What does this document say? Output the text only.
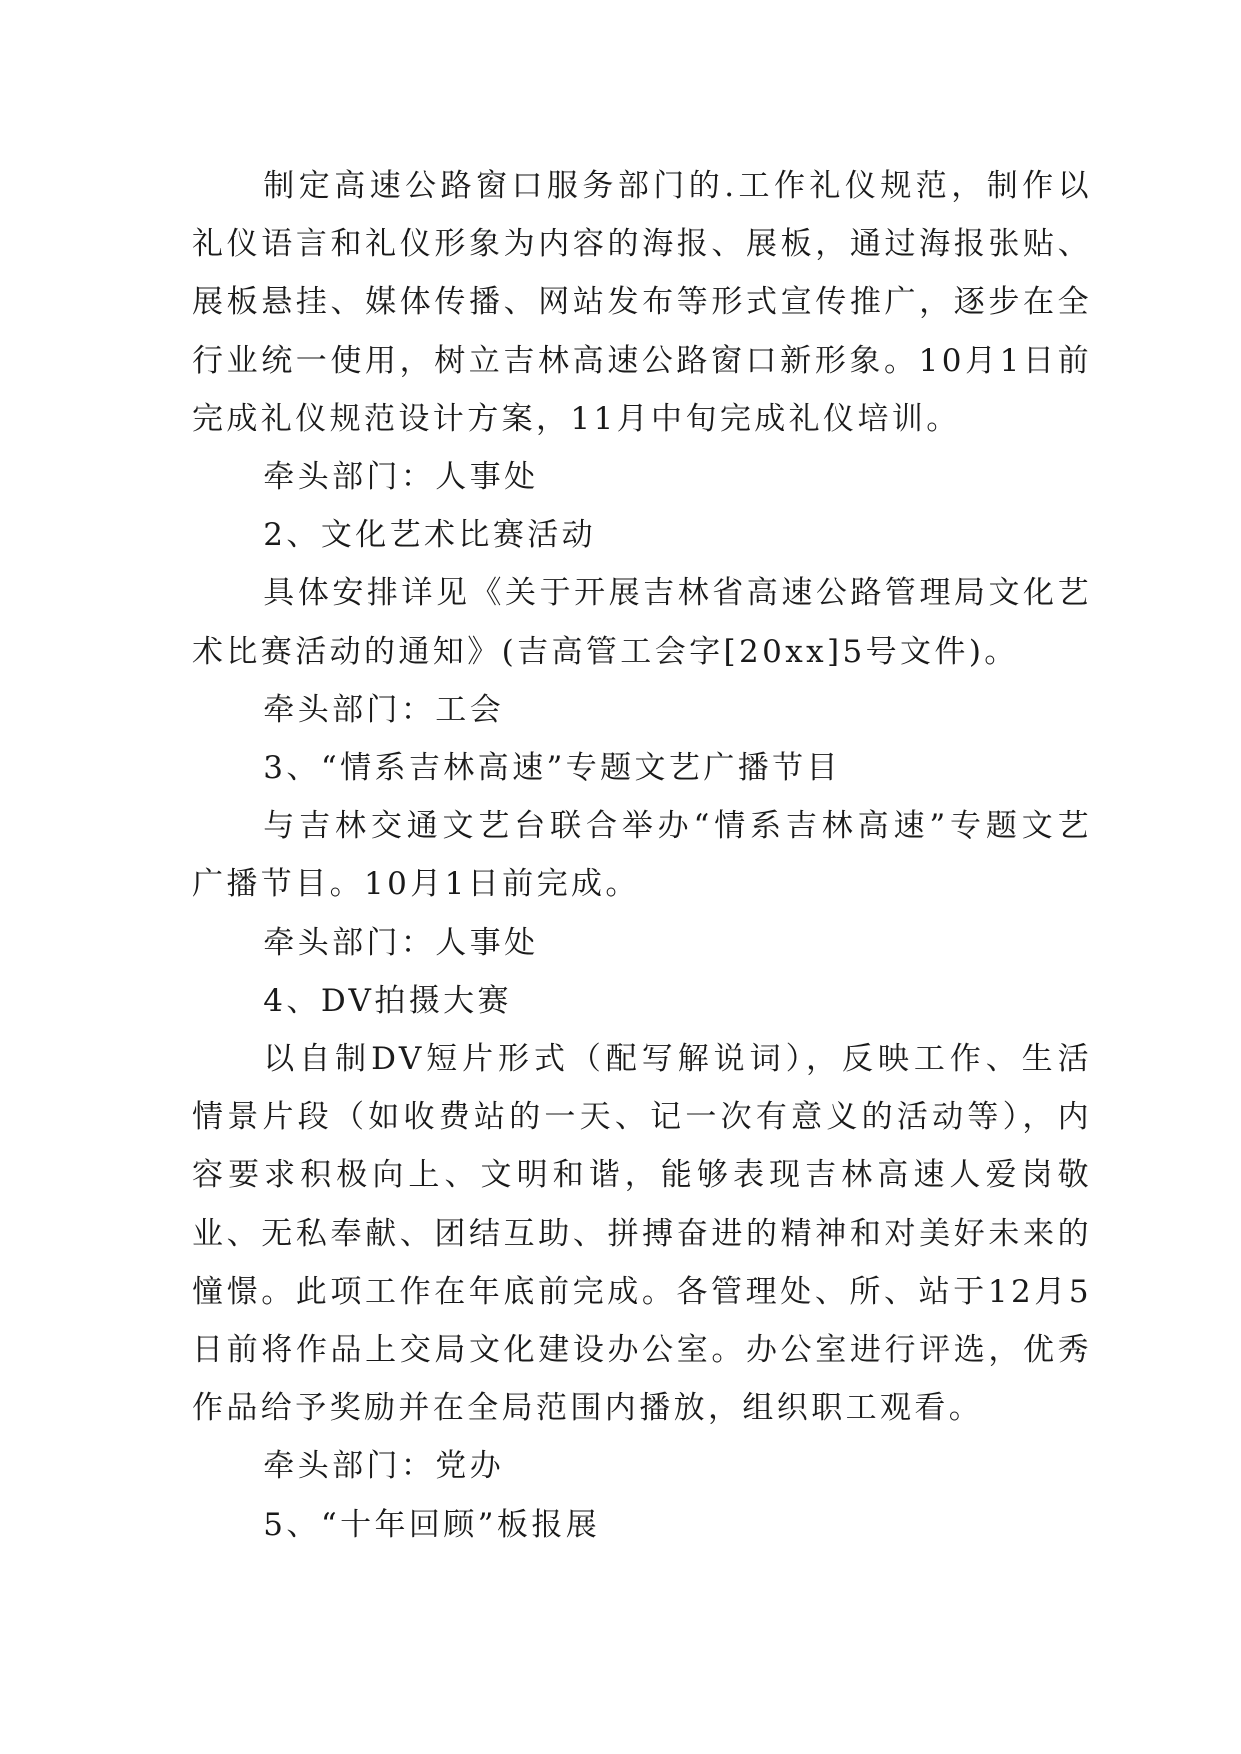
制定高速公路窗口服务部门的.工作礼仪规范，制作以礼仪语言和礼仪形象为内容的海报、展板，通过海报张贴、展板悬挂、媒体传播、网站发布等形式宣传推广，逐步在全行业统一使用，树立吉林高速公路窗口新形象。10月1日前完成礼仪规范设计方案，11月中旬完成礼仪培训。

牵头部门：人事处

2、文化艺术比赛活动

具体安排详见《关于开展吉林省高速公路管理局文化艺术比赛活动的通知》(吉高管工会字[20xx]5号文件)。

牵头部门：工会

3、“情系吉林高速”专题文艺广播节目

与吉林交通文艺台联合举办“情系吉林高速”专题文艺广播节目。10月1日前完成。

牵头部门：人事处

4、DV拍摄大赛

以自制DV短片形式（配写解说词），反映工作、生活情景片段（如收费站的一天、记一次有意义的活动等），内容要求积极向上、文明和谐，能够表现吉林高速人爱岗敬业、无私奉献、团结互助、拼搏奋进的精神和对美好未来的憧憬。此项工作在年底前完成。各管理处、所、站于12月5日前将作品上交局文化建设办公室。办公室进行评选，优秀作品给予奖励并在全局范围内播放，组织职工观看。

牵头部门：党办

5、“十年回顾”板报展
